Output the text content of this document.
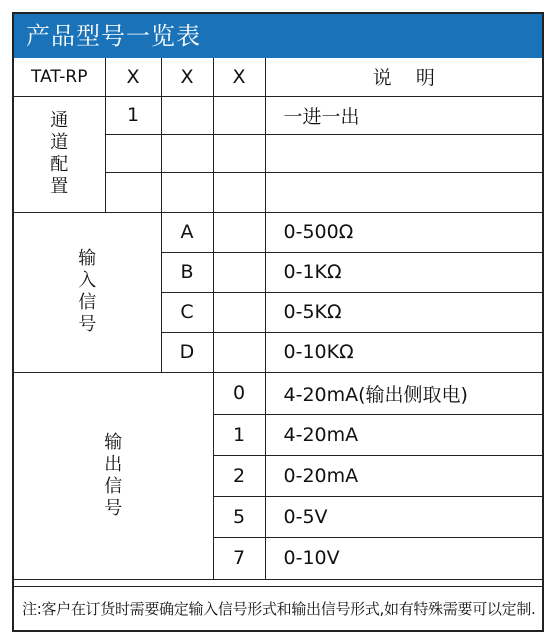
产品型号一览表
TAT-RP	X	X	X	说    明
通道配置	1			一进一出

输入信号		A		0-500Ω
		B		0-1KΩ
		C		0-5KΩ
		D		0-10KΩ
输出信号			0	4-20mA(输出侧取电)
			1	4-20mA
			2	0-20mA
			5	0-5V
			7	0-10V
注:客户在订货时需要确定输入信号形式和输出信号形式,如有特殊需要可以定制.
